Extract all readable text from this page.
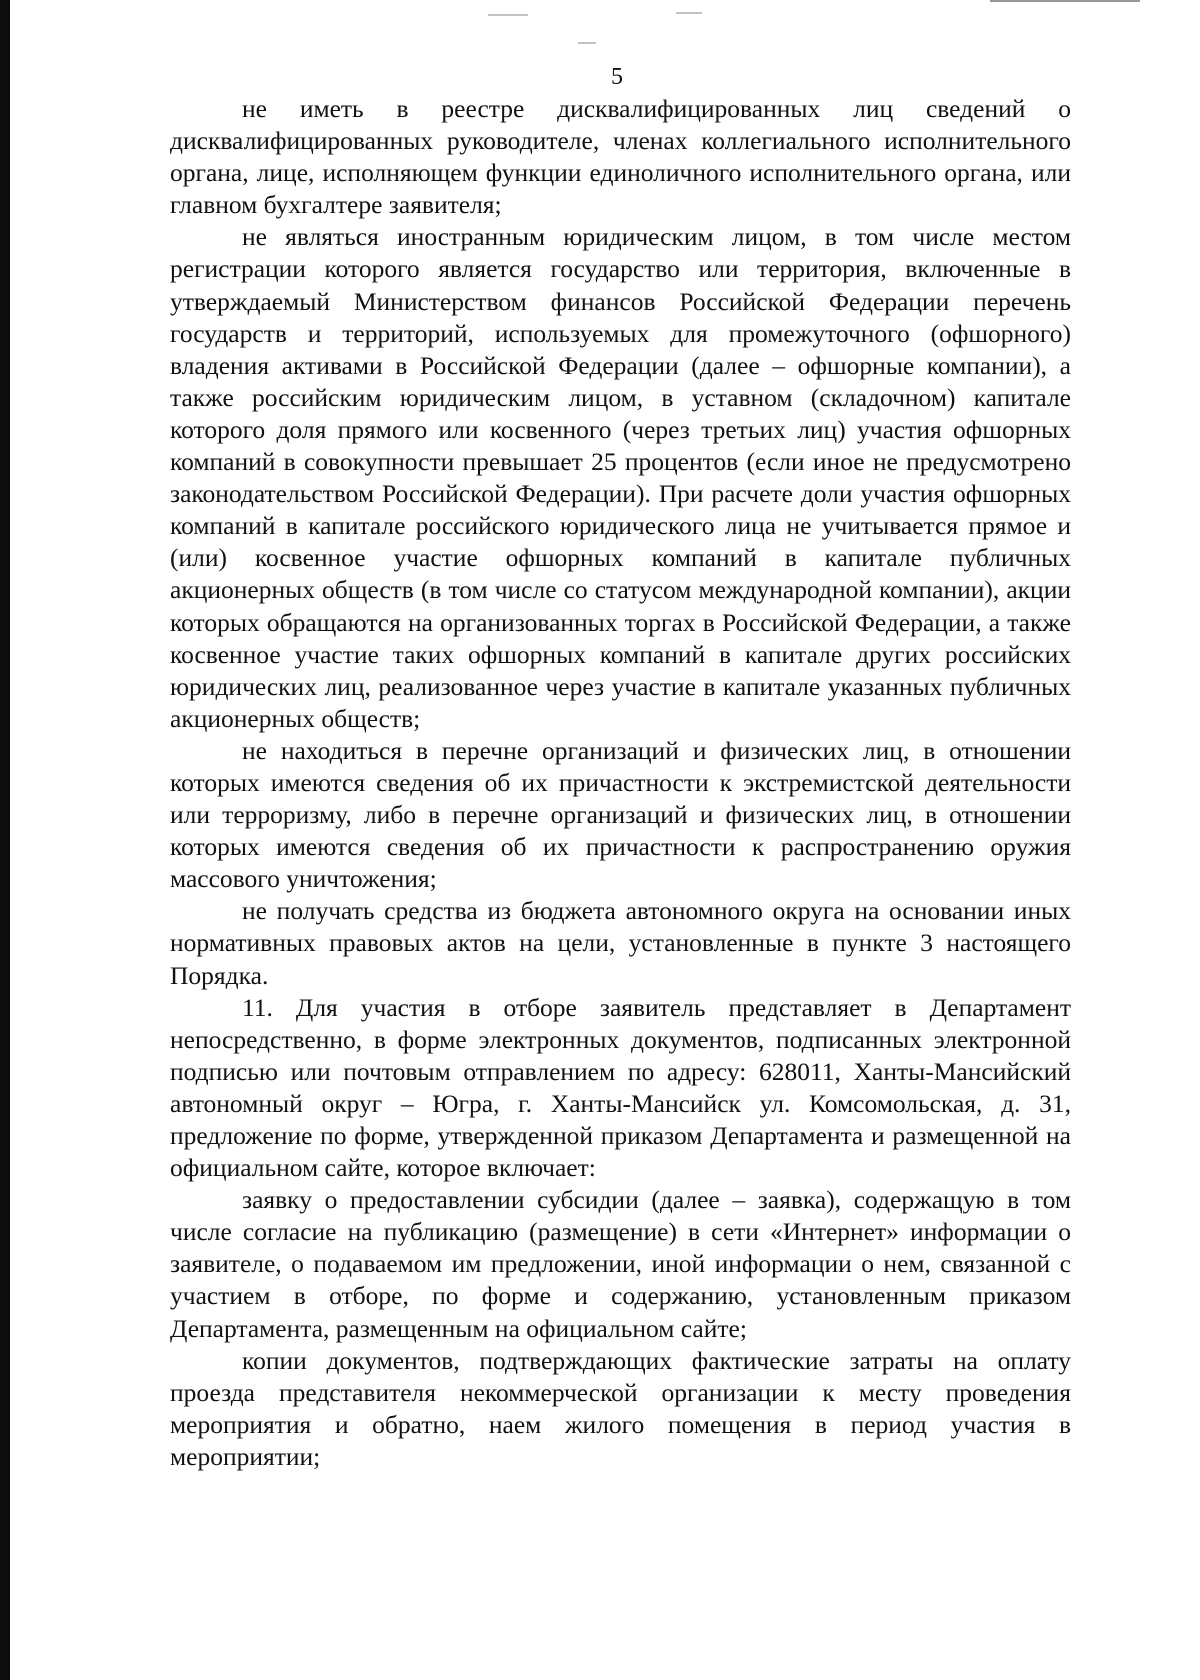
5

не иметь в реестре дисквалифицированных лиц сведений о дисквалифицированных руководителе, членах коллегиального исполнительного органа, лице, исполняющем функции единоличного исполнительного органа, или главном бухгалтере заявителя;

не являться иностранным юридическим лицом, в том числе местом регистрации которого является государство или территория, включенные в утверждаемый Министерством финансов Российской Федерации перечень государств и территорий, используемых для промежуточного (офшорного) владения активами в Российской Федерации (далее – офшорные компании), а также российским юридическим лицом, в уставном (складочном) капитале которого доля прямого или косвенного (через третьих лиц) участия офшорных компаний в совокупности превышает 25 процентов (если иное не предусмотрено законодательством Российской Федерации). При расчете доли участия офшорных компаний в капитале российского юридического лица не учитывается прямое и (или) косвенное участие офшорных компаний в капитале публичных акционерных обществ (в том числе со статусом международной компании), акции которых обращаются на организованных торгах в Российской Федерации, а также косвенное участие таких офшорных компаний в капитале других российских юридических лиц, реализованное через участие в капитале указанных публичных акционерных обществ;

не находиться в перечне организаций и физических лиц, в отношении которых имеются сведения об их причастности к экстремистской деятельности или терроризму, либо в перечне организаций и физических лиц, в отношении которых имеются сведения об их причастности к распространению оружия массового уничтожения;

не получать средства из бюджета автономного округа на основании иных нормативных правовых актов на цели, установленные в пункте 3 настоящего Порядка.

11. Для участия в отборе заявитель представляет в Департамент непосредственно, в форме электронных документов, подписанных электронной подписью или почтовым отправлением по адресу: 628011, Ханты-Мансийский автономный округ – Югра, г. Ханты-Мансийск ул. Комсомольская, д. 31, предложение по форме, утвержденной приказом Департамента и размещенной на официальном сайте, которое включает:

заявку о предоставлении субсидии (далее – заявка), содержащую в том числе согласие на публикацию (размещение) в сети «Интернет» информации о заявителе, о подаваемом им предложении, иной информации о нем, связанной с участием в отборе, по форме и содержанию, установленным приказом Департамента, размещенным на официальном сайте;

копии документов, подтверждающих фактические затраты на оплату проезда представителя некоммерческой организации к месту проведения мероприятия и обратно, наем жилого помещения в период участия в мероприятии;
